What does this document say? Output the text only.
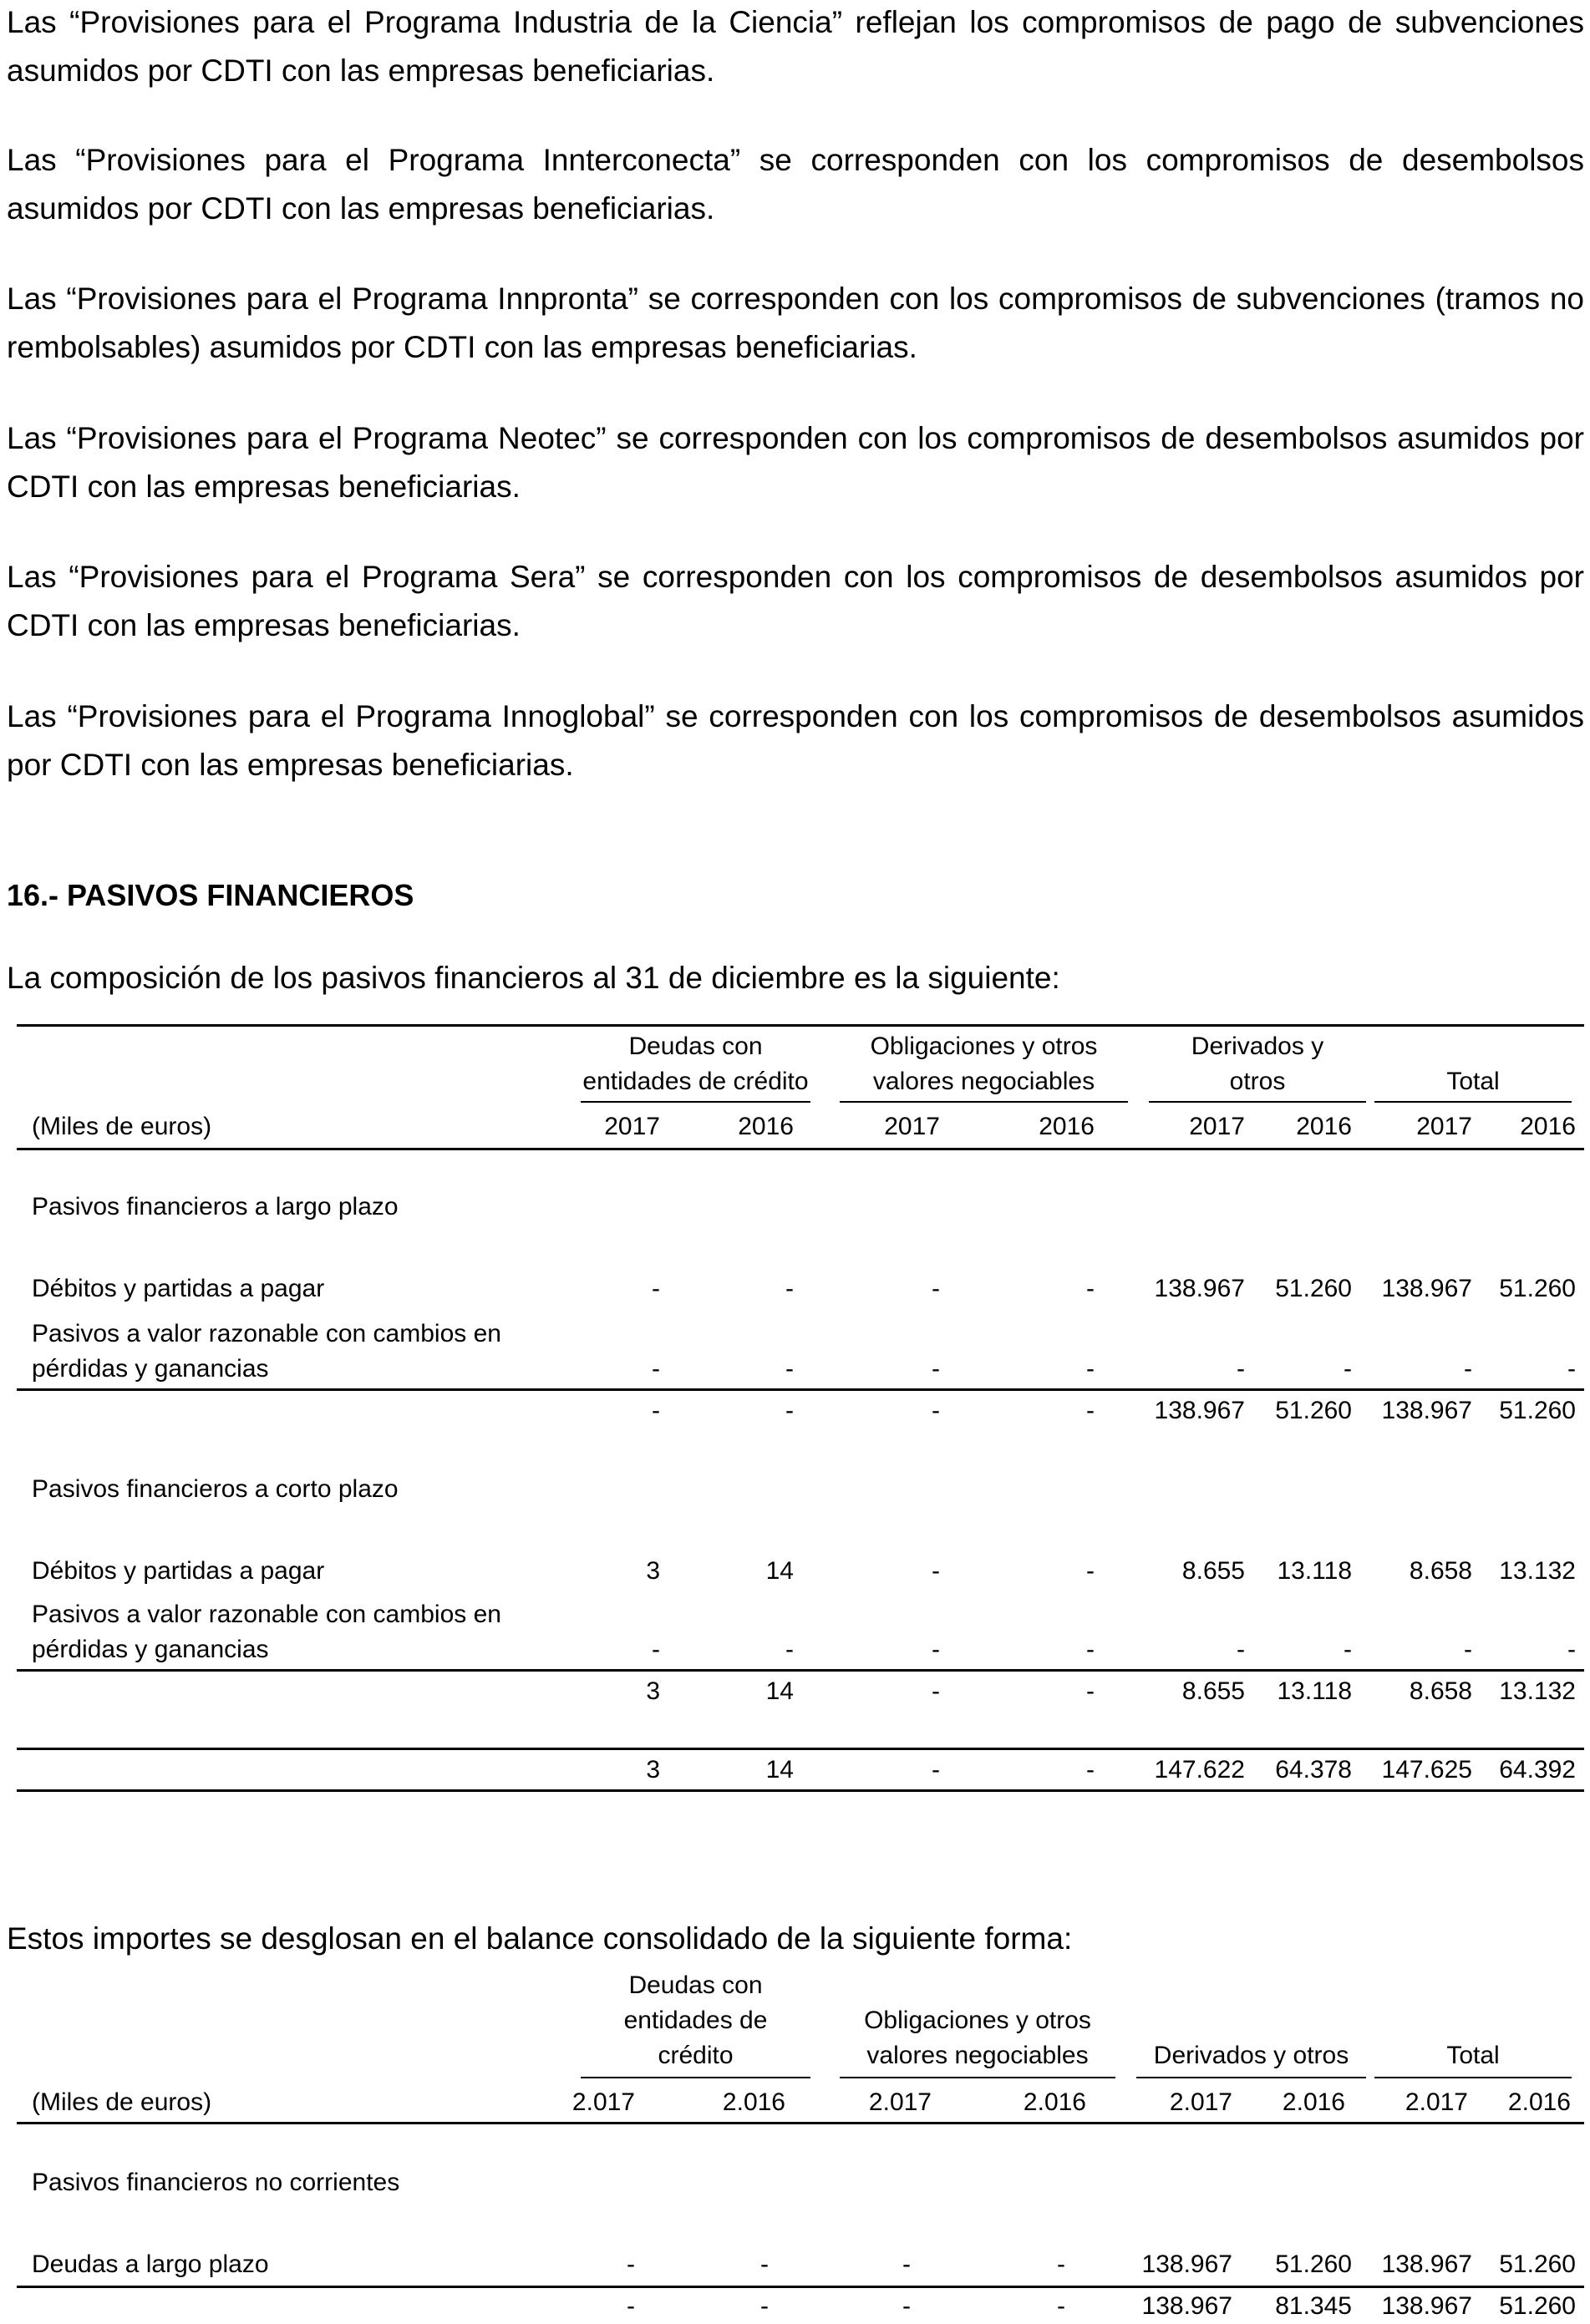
Las “Provisiones para el Programa Industria de la Ciencia” reflejan los compromisos de pago de subvenciones asumidos por CDTI con las empresas beneficiarias.

Las “Provisiones para el Programa Innterconecta” se corresponden con los compromisos de desembolsos asumidos por CDTI con las empresas beneficiarias.

Las “Provisiones para el Programa Innpronta” se corresponden con los compromisos de subvenciones (tramos no rembolsables) asumidos por CDTI con las empresas beneficiarias.

Las “Provisiones para el Programa Neotec” se corresponden con los compromisos de desembolsos asumidos por CDTI con las empresas beneficiarias.

Las “Provisiones para el Programa Sera” se corresponden con los compromisos de desembolsos asumidos por CDTI con las empresas beneficiarias.

Las “Provisiones para el Programa Innoglobal” se corresponden con los compromisos de desembolsos asumidos por CDTI con las empresas beneficiarias.

16.- PASIVOS FINANCIEROS

La composición de los pasivos financieros al 31 de diciembre es la siguiente:

Deudas con
entidades de crédito
Obligaciones y otros
valores negociables
Derivados y
otros	Total
(Miles de euros)	2017	2016	2017	2016	2017 2016	2017 2016
Pasivos financieros a largo plazo
Débitos y partidas a pagar	-	-	-	- 138.967 51.260 138.967 51.260
Pasivos a valor razonable con cambios en
pérdidas y ganancias	-	-	-	-	-	-	-	-
-	-	-	- 138.967 51.260 138.967 51.260
Pasivos financieros a corto plazo
Débitos y partidas a pagar	3	14	-	-	8.655 13.118 8.658 13.132
Pasivos a valor razonable con cambios en
pérdidas y ganancias	-	-	-	-	-	-	-	-
3	14	-	-	8.655 13.118 8.658 13.132
3	14	-	- 147.622 64.378 147.625 64.392

Estos importes se desglosan en el balance consolidado de la siguiente forma:

Deudas con
entidades de
crédito
Obligaciones y otros
valores negociables	Derivados y otros	Total
(Miles de euros)	2.017	2.016	2.017	2.016	2.017 2.016 2.017 2.016
Pasivos financieros no corrientes
Deudas a largo plazo	-	-	-	-	138.967 51.260 138.967 51.260
-	-	-	-	138.967 81.345 138.967 51.260
